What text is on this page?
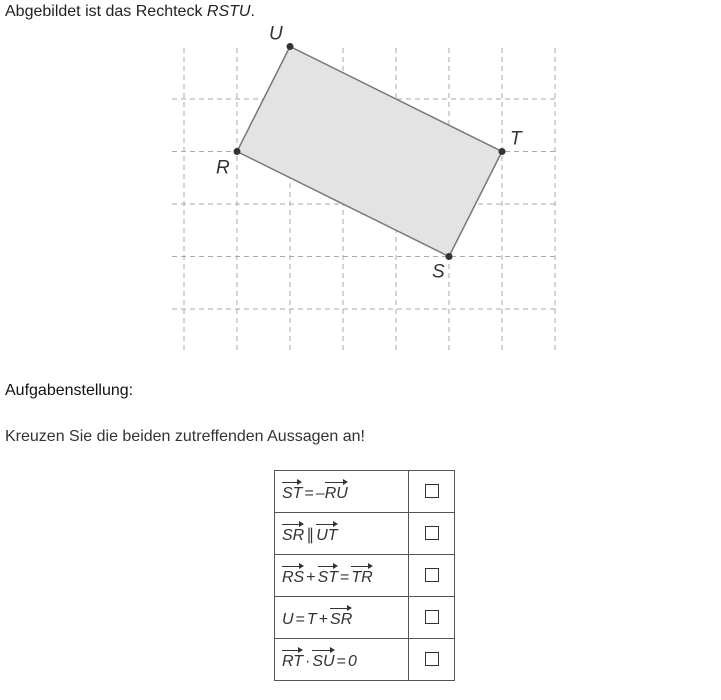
Abgebildet ist das Rechteck RSTU.
R
S
T
U
Aufgabenstellung:
Kreuzen Sie die beiden zutreffenden Aussagen an!
ST = –RU	
SR ∥ UT	
RS + ST = TR	
U = T + SR	
RT · SU = 0	
